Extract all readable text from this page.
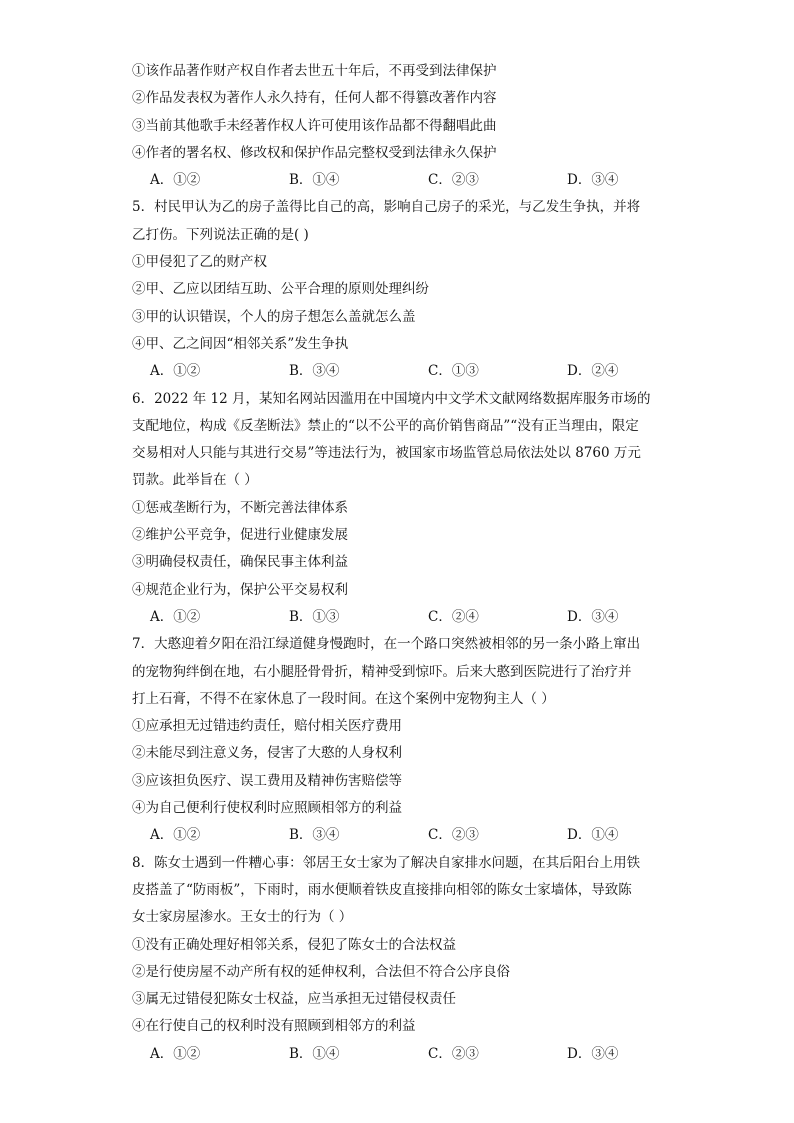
①该作品著作财产权自作者去世五十年后，不再受到法律保护
②作品发表权为著作人永久持有，任何人都不得篡改著作内容
③当前其他歌手未经著作权人许可使用该作品都不得翻唱此曲
④作者的署名权、修改权和保护作品完整权受到法律永久保护
A．①②	B．①④	C．②③	D．③④
5．村民甲认为乙的房子盖得比自己的高，影响自己房子的采光，与乙发生争执，并将
乙打伤。下列说法正确的是( )
①甲侵犯了乙的财产权
②甲、乙应以团结互助、公平合理的原则处理纠纷
③甲的认识错误，个人的房子想怎么盖就怎么盖
④甲、乙之间因“相邻关系”发生争执
A．①②	B．③④	C．①③	D．②④
6．2022 年 12 月，某知名网站因滥用在中国境内中文学术文献网络数据库服务市场的
支配地位，构成《反垄断法》禁止的“以不公平的高价销售商品”“没有正当理由，限定
交易相对人只能与其进行交易”等违法行为，被国家市场监管总局依法处以 8760 万元
罚款。此举旨在（ ）
①惩戒垄断行为，不断完善法律体系
②维护公平竞争，促进行业健康发展
③明确侵权责任，确保民事主体利益
④规范企业行为，保护公平交易权利
A．①②	B．①③	C．②④	D．③④
7．大憨迎着夕阳在沿江绿道健身慢跑时，在一个路口突然被相邻的另一条小路上窜出
的宠物狗绊倒在地，右小腿胫骨骨折，精神受到惊吓。后来大憨到医院进行了治疗并
打上石膏，不得不在家休息了一段时间。在这个案例中宠物狗主人（ ）
①应承担无过错违约责任，赔付相关医疗费用
②未能尽到注意义务，侵害了大憨的人身权利
③应该担负医疗、误工费用及精神伤害赔偿等
④为自己便利行使权利时应照顾相邻方的利益
A．①②	B．③④	C．②③	D．①④
8．陈女士遇到一件糟心事：邻居王女士家为了解决自家排水问题，在其后阳台上用铁
皮搭盖了“防雨板”，下雨时，雨水便顺着铁皮直接排向相邻的陈女士家墙体，导致陈
女士家房屋渗水。王女士的行为（ ）
①没有正确处理好相邻关系，侵犯了陈女士的合法权益
②是行使房屋不动产所有权的延伸权利，合法但不符合公序良俗
③属无过错侵犯陈女士权益，应当承担无过错侵权责任
④在行使自己的权利时没有照顾到相邻方的利益
A．①②	B．①④	C．②③	D．③④
